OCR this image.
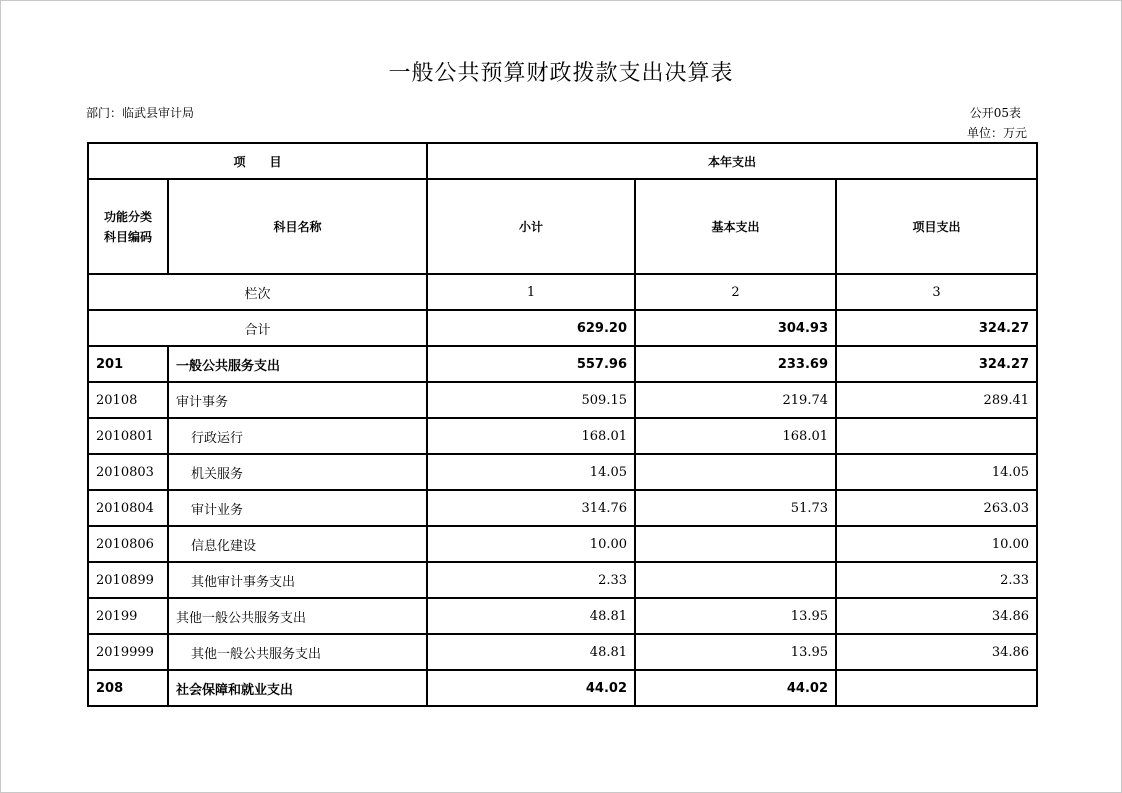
一般公共预算财政拨款支出决算表
部门：临武县审计局	公开05表
单位：万元
项　　目		本年支出		

功能分类
科目编码	科目名称	小计	基本支出	项目支出
栏次		1	2	3
合计		629.20	304.93	324.27
201	一般公共服务支出	557.96	233.69	324.27
20108	审计事务	509.15	219.74	289.41
2010801	行政运行	168.01	168.01	
2010803	机关服务	14.05		14.05
2010804	审计业务	314.76	51.73	263.03
2010806	信息化建设	10.00		10.00
2010899	其他审计事务支出	2.33		2.33
20199	其他一般公共服务支出	48.81	13.95	34.86
2019999	其他一般公共服务支出	48.81	13.95	34.86
208	社会保障和就业支出	44.02	44.02	
